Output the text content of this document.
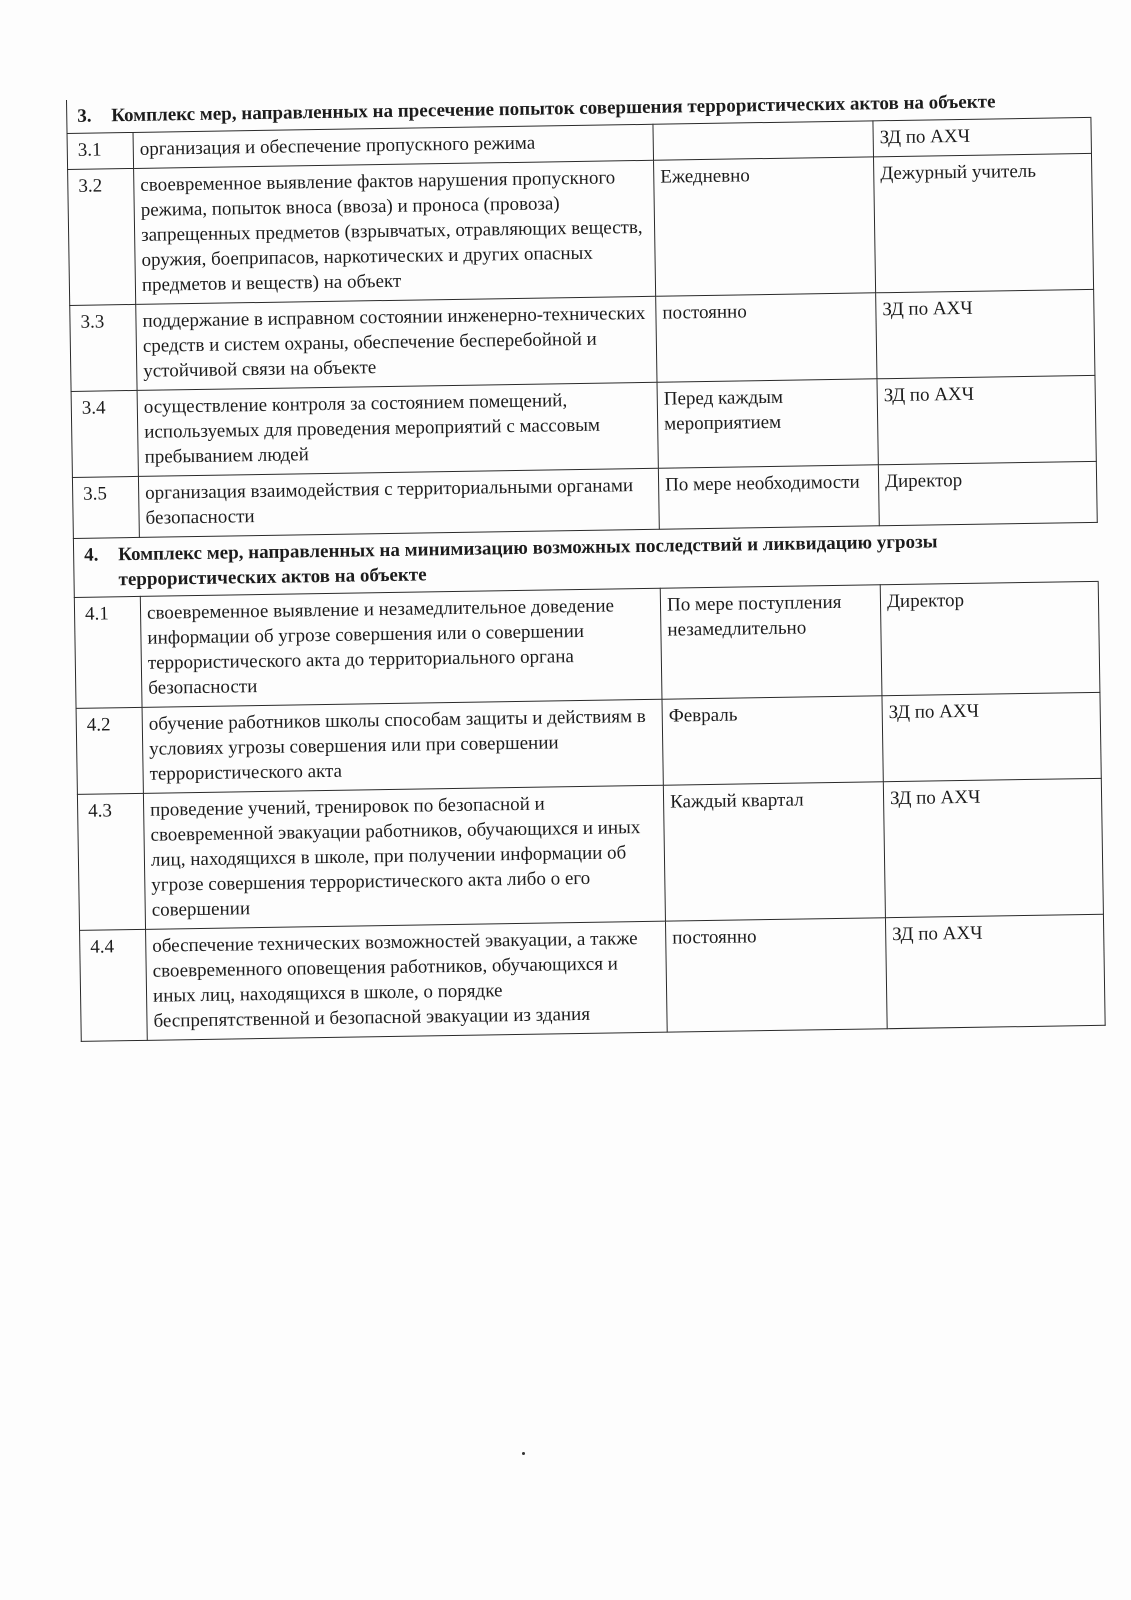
3. Комплекс мер, направленных на пресечение попыток совершения террористических актов на объекте			
3.1	организация и обеспечение пропускного режима		ЗД по АХЧ
3.2	своевременное выявление фактов нарушения пропускного режима, попыток вноса (ввоза) и проноса (провоза) запрещенных предметов (взрывчатых, отравляющих веществ, оружия, боеприпасов, наркотических и других опасных предметов и веществ) на объект	Ежедневно	Дежурный учитель
3.3	поддержание в исправном состоянии инженерно-технических средств и систем охраны, обеспечение бесперебойной и устойчивой связи на объекте	постоянно	ЗД по АХЧ
3.4	осуществление контроля за состоянием помещений, используемых для проведения мероприятий с массовым пребыванием людей	Перед каждым мероприятием	ЗД по АХЧ
3.5	организация взаимодействия с территориальными органами безопасности	По мере необходимости	Директор
4. Комплекс мер, направленных на минимизацию возможных последствий и ликвидацию угрозы террористических актов на объекте			
4.1	своевременное выявление и незамедлительное доведение информации об угрозе совершения или о совершении террористического акта до территориального органа безопасности	По мере поступления незамедлительно	Директор
4.2	обучение работников школы способам защиты и действиям в условиях угрозы совершения или при совершении террористического акта	Февраль	ЗД по АХЧ
4.3	проведение учений, тренировок по безопасной и своевременной эвакуации работников, обучающихся и иных лиц, находящихся в школе, при получении информации об угрозе совершения террористического акта либо о его совершении	Каждый квартал	ЗД по АХЧ
4.4	обеспечение технических возможностей эвакуации, а также своевременного оповещения работников, обучающихся и иных лиц, находящихся в школе, о порядке беспрепятственной и безопасной эвакуации из здания	постоянно	ЗД по АХЧ
